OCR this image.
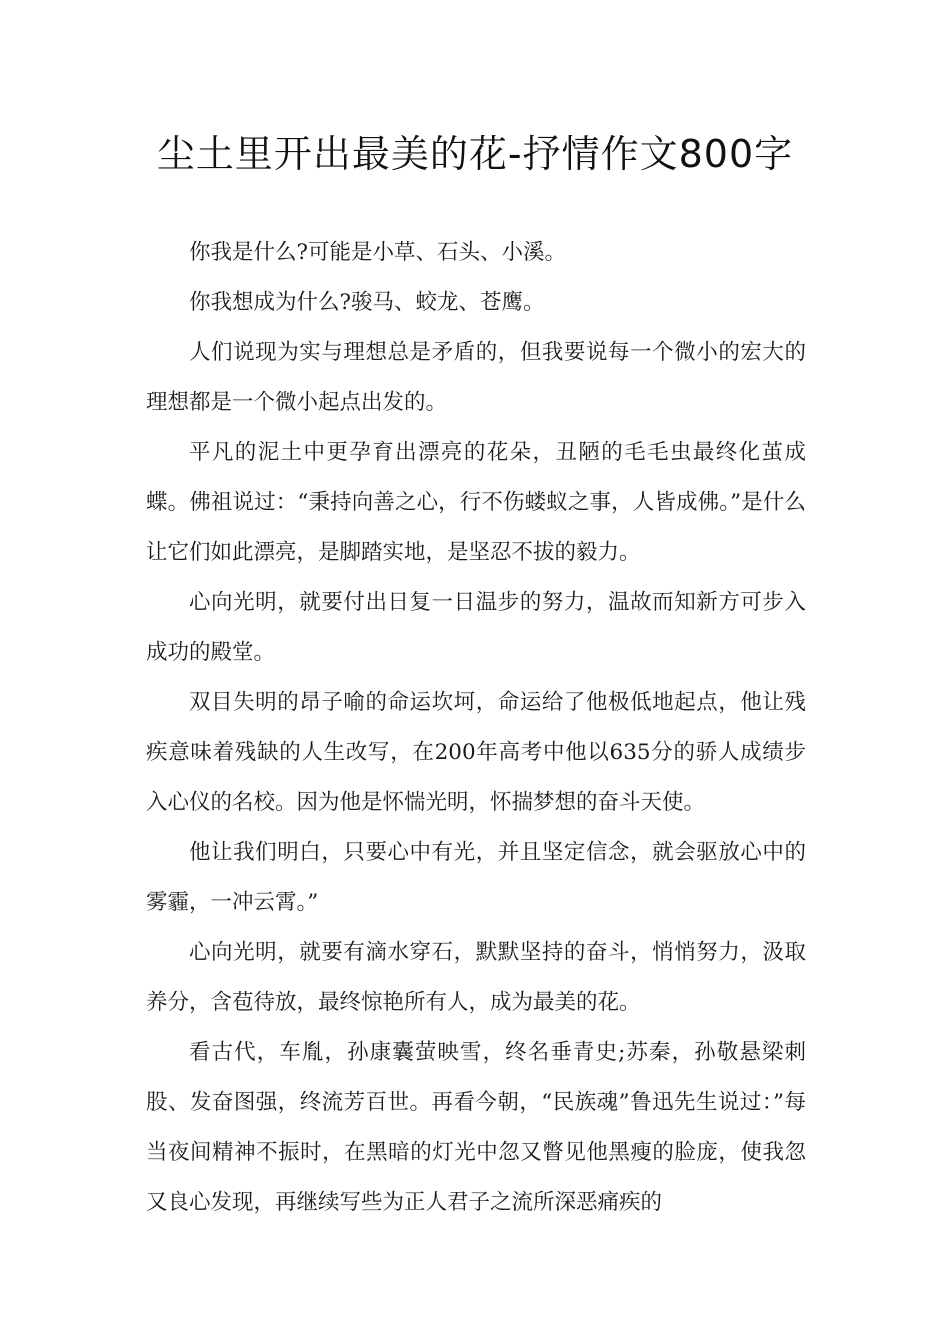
尘土里开出最美的花-抒情作文800字

你我是什么?可能是小草、石头、小溪。

你我想成为什么?骏马、蛟龙、苍鹰。

人们说现为实与理想总是矛盾的，但我要说每一个微小的宏大的理想都是一个微小起点出发的。

平凡的泥土中更孕育出漂亮的花朵，丑陋的毛毛虫最终化茧成蝶。佛祖说过：“秉持向善之心，行不伤蝼蚁之事，人皆成佛。”是什么让它们如此漂亮，是脚踏实地，是坚忍不拔的毅力。

心向光明，就要付出日复一日温步的努力，温故而知新方可步入成功的殿堂。

双目失明的昂子喻的命运坎坷，命运给了他极低地起点，他让残疾意味着残缺的人生改写，在200年高考中他以635分的骄人成绩步入心仪的名校。因为他是怀惴光明，怀揣梦想的奋斗天使。

他让我们明白，只要心中有光，并且坚定信念，就会驱放心中的雾霾，一冲云霄。”

心向光明，就要有滴水穿石，默默坚持的奋斗，悄悄努力，汲取养分，含苞待放，最终惊艳所有人，成为最美的花。

看古代，车胤，孙康囊萤映雪，终名垂青史;苏秦，孙敬悬梁刺股、发奋图强，终流芳百世。再看今朝，“民族魂”鲁迅先生说过：”每当夜间精神不振时，在黑暗的灯光中忽又瞥见他黑瘦的脸庞，使我忽又良心发现，再继续写些为正人君子之流所深恶痛疾的
